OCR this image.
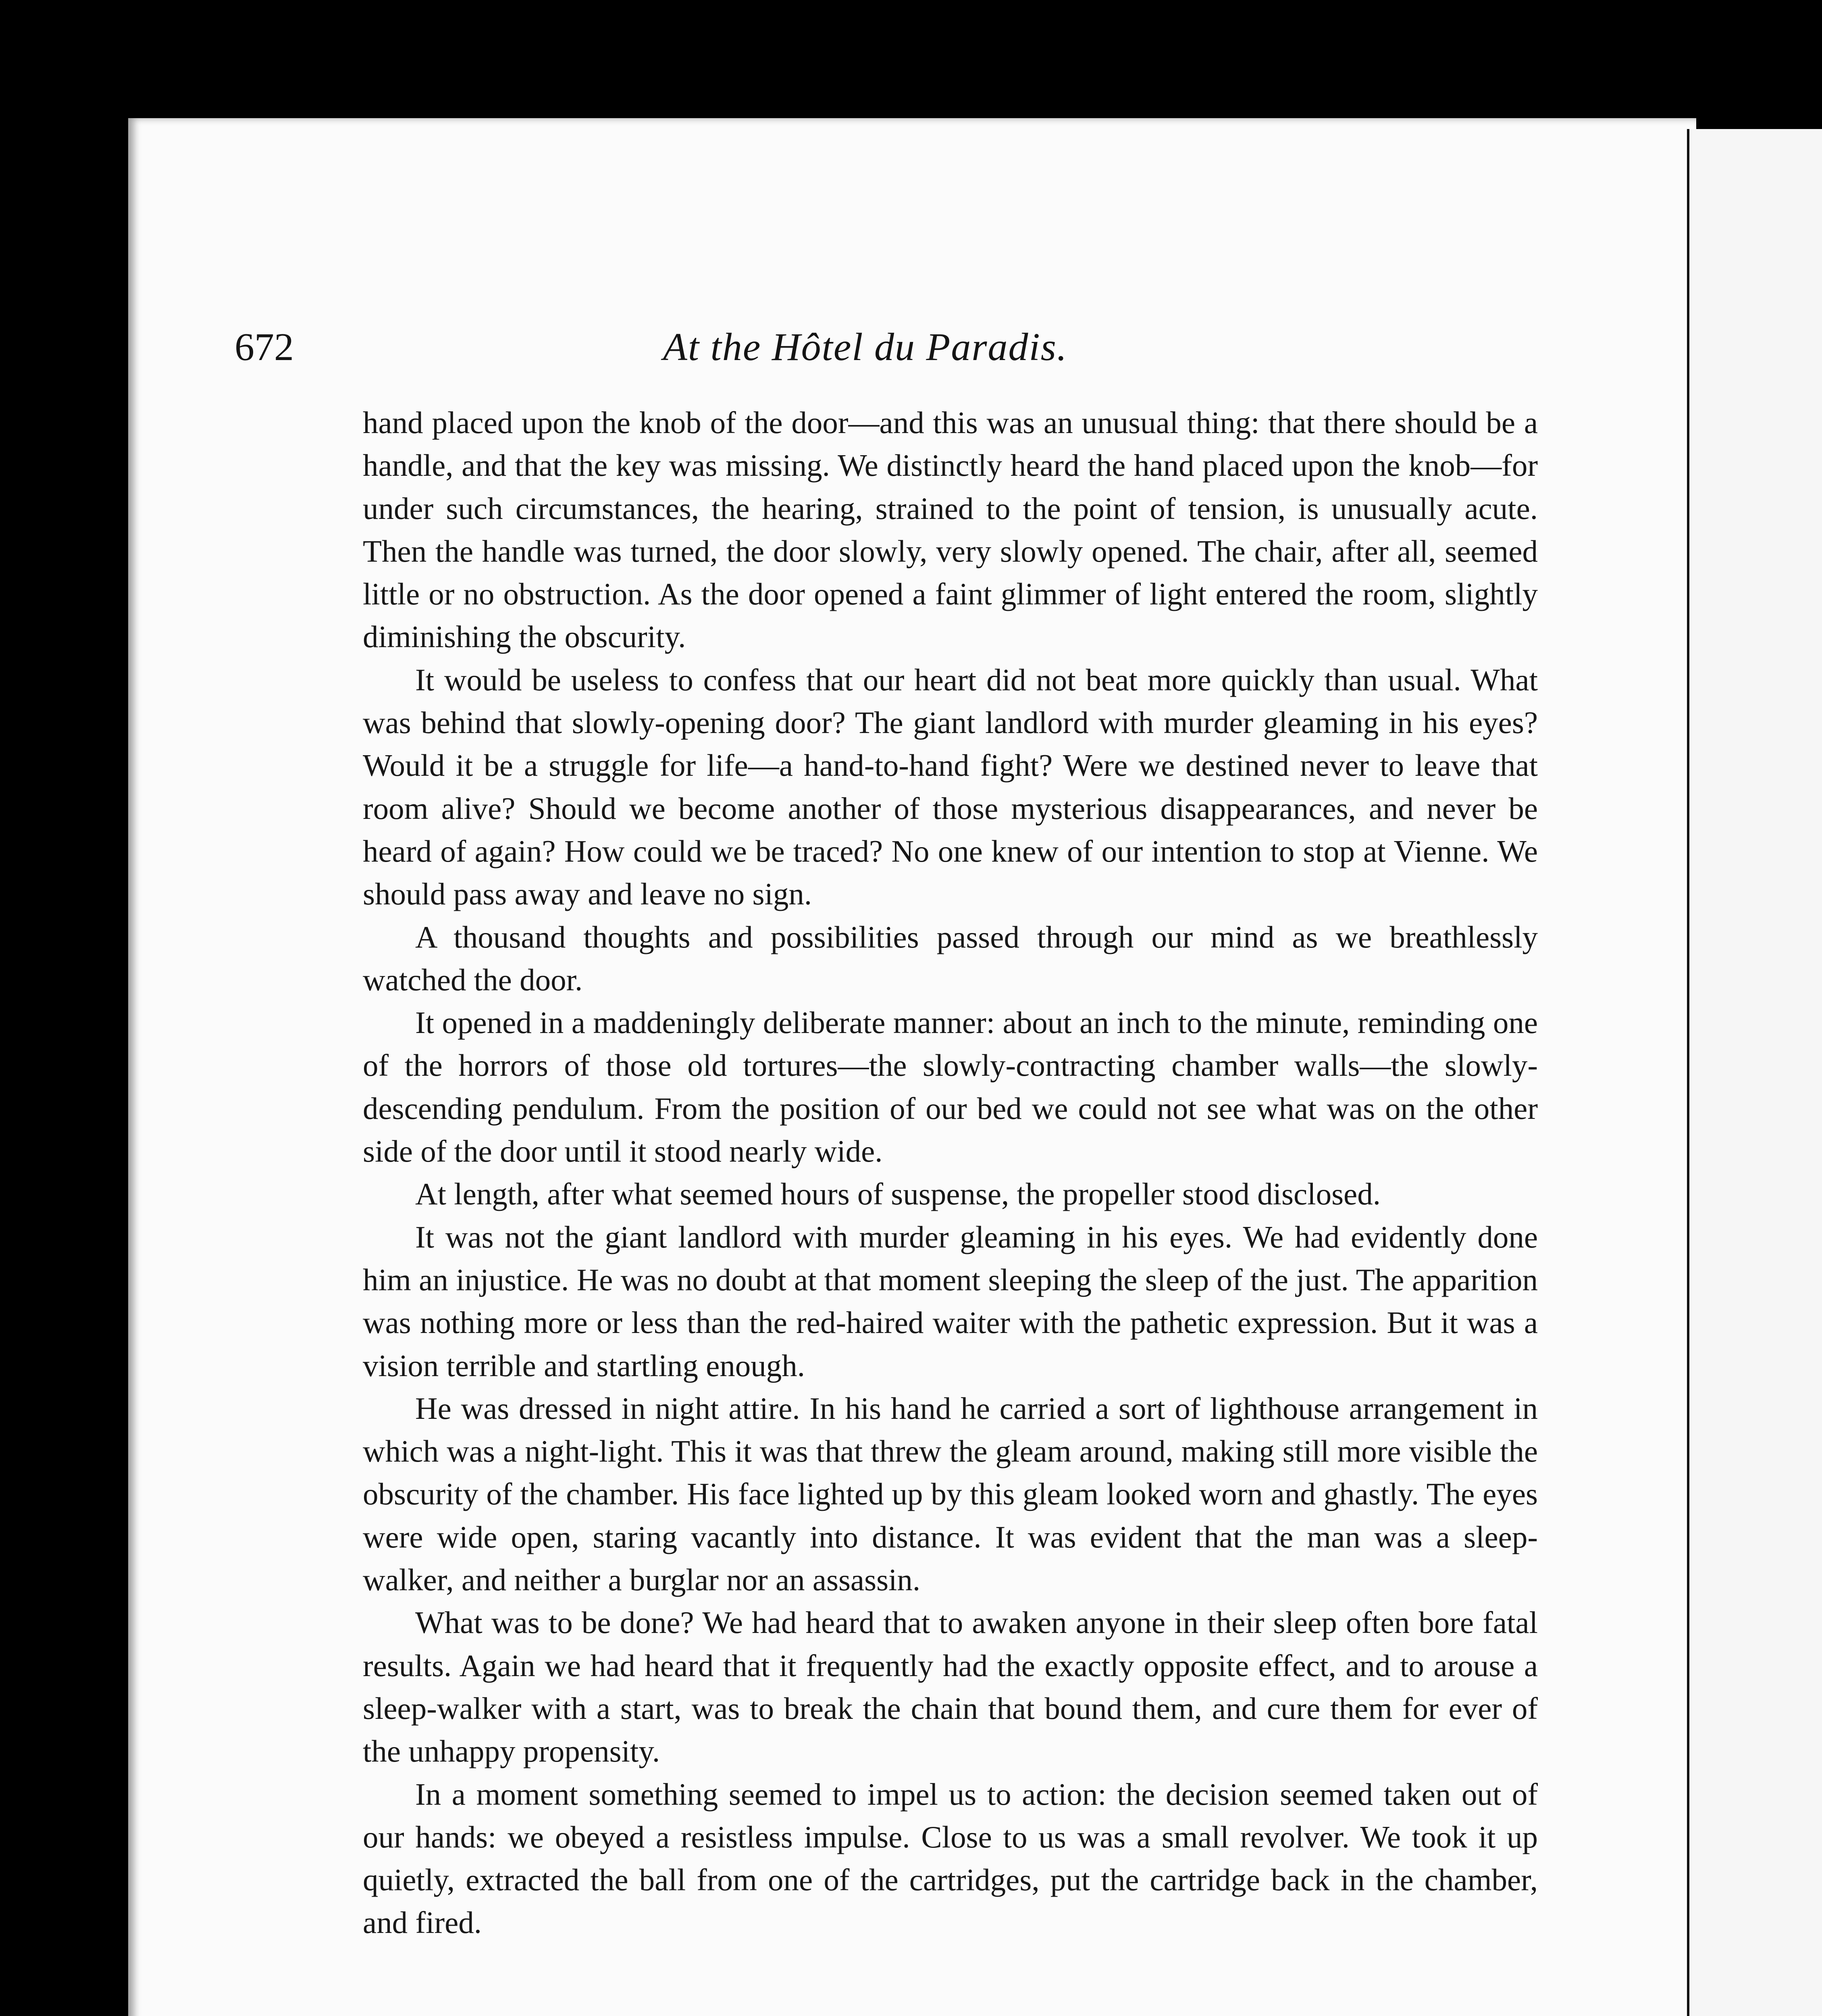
672	At the Hôtel du Paradis.

hand placed upon the knob of the door—and this was an unusual thing: that there should be a handle, and that the key was missing. We distinctly heard the hand placed upon the knob—for under such circumstances, the hearing, strained to the point of tension, is unusually acute. Then the handle was turned, the door slowly, very slowly opened. The chair, after all, seemed little or no obstruction. As the door opened a faint glimmer of light entered the room, slightly diminishing the obscurity.

It would be useless to confess that our heart did not beat more quickly than usual. What was behind that slowly-opening door? The giant landlord with murder gleaming in his eyes? Would it be a struggle for life—a hand-to-hand fight? Were we destined never to leave that room alive? Should we become another of those mysterious disappearances, and never be heard of again? How could we be traced? No one knew of our intention to stop at Vienne. We should pass away and leave no sign.

A thousand thoughts and possibilities passed through our mind as we breathlessly watched the door.

It opened in a maddeningly deliberate manner: about an inch to the minute, reminding one of the horrors of those old tortures—the slowly-contracting chamber walls—the slowly-descending pendulum. From the position of our bed we could not see what was on the other side of the door until it stood nearly wide.

At length, after what seemed hours of suspense, the propeller stood disclosed.

It was not the giant landlord with murder gleaming in his eyes. We had evidently done him an injustice. He was no doubt at that moment sleeping the sleep of the just. The apparition was nothing more or less than the red-haired waiter with the pathetic expression. But it was a vision terrible and startling enough.

He was dressed in night attire. In his hand he carried a sort of lighthouse arrangement in which was a night-light. This it was that threw the gleam around, making still more visible the obscurity of the chamber. His face lighted up by this gleam looked worn and ghastly. The eyes were wide open, staring vacantly into distance. It was evident that the man was a sleep-walker, and neither a burglar nor an assassin.

What was to be done? We had heard that to awaken anyone in their sleep often bore fatal results. Again we had heard that it frequently had the exactly opposite effect, and to arouse a sleep-walker with a start, was to break the chain that bound them, and cure them for ever of the unhappy propensity.

In a moment something seemed to impel us to action: the decision seemed taken out of our hands: we obeyed a resistless impulse. Close to us was a small revolver. We took it up quietly, extracted the ball from one of the cartridges, put the cartridge back in the chamber, and fired.
